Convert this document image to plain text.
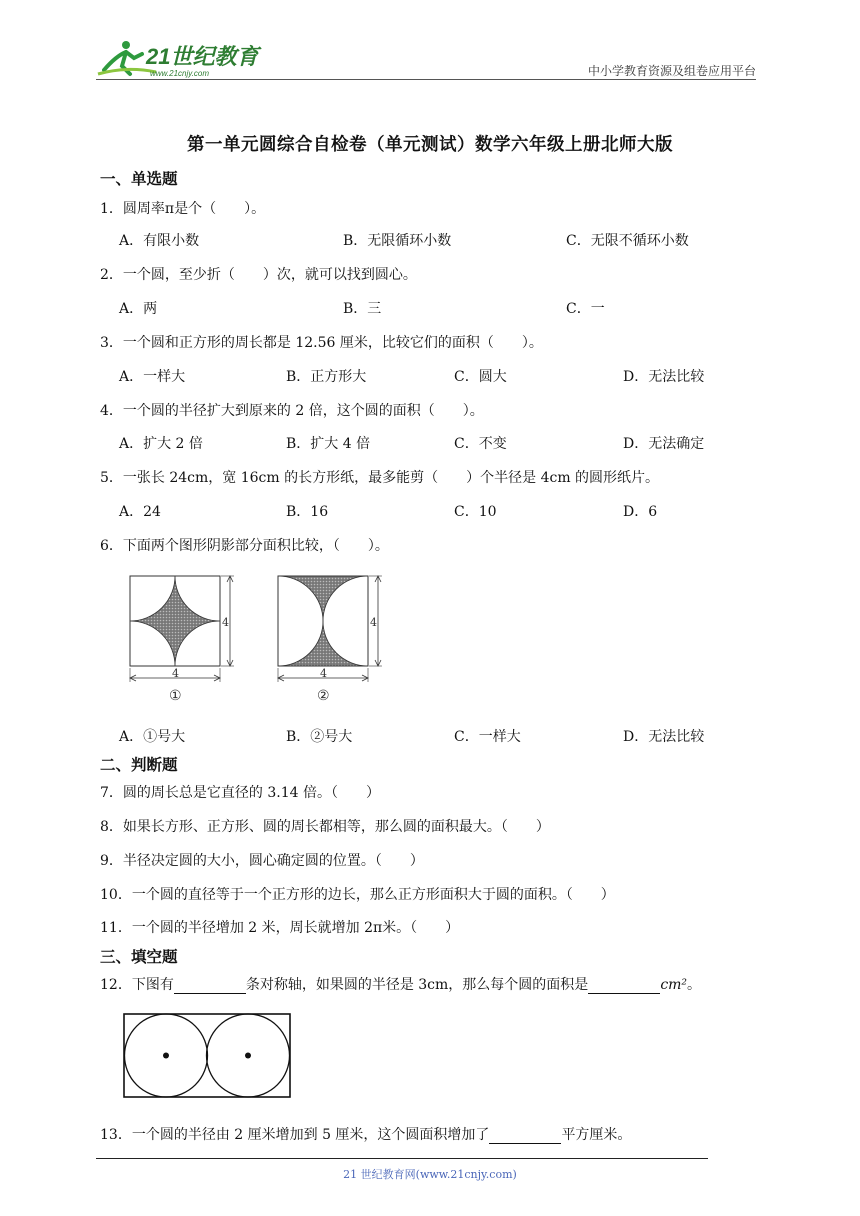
21世纪教育
www.21cnjy.com	中小学教育资源及组卷应用平台
第一单元圆综合自检卷（单元测试）数学六年级上册北师大版
一、单选题
1．圆周率π是个（　　）。
A．有限小数	B．无限循环小数	C．无限不循环小数
2．一个圆，至少折（　　）次，就可以找到圆心。
A．两	B．三	C．一
3．一个圆和正方形的周长都是 12.56 厘米，比较它们的面积（　　）。
A．一样大	B．正方形大	C．圆大	D．无法比较
4．一个圆的半径扩大到原来的 2 倍，这个圆的面积（　　）。
A．扩大 2 倍	B．扩大 4 倍	C．不变	D．无法确定
5．一张长 24cm，宽 16cm 的长方形纸，最多能剪（　　）个半径是 4cm 的圆形纸片。
A．24	B．16	C．10	D．6
6．下面两个图形阴影部分面积比较，（　　）。
4
4
①
4
4
②
A．①号大	B．②号大	C．一样大	D．无法比较
二、判断题
7．圆的周长总是它直径的 3.14 倍。（　　）
8．如果长方形、正方形、圆的周长都相等，那么圆的面积最大。（　　）
9．半径决定圆的大小，圆心确定圆的位置。（　　）
10．一个圆的直径等于一个正方形的边长，那么正方形面积大于圆的面积。（　　）
11．一个圆的半径增加 2 米，周长就增加 2π米。（　　）
三、填空题
12．下图有	条对称轴，如果圆的半径是 3cm，那么每个圆的面积是	cm²。
13．一个圆的半径由 2 厘米增加到 5 厘米，这个圆面积增加了	平方厘米。
21 世纪教育网(www.21cnjy.com)
